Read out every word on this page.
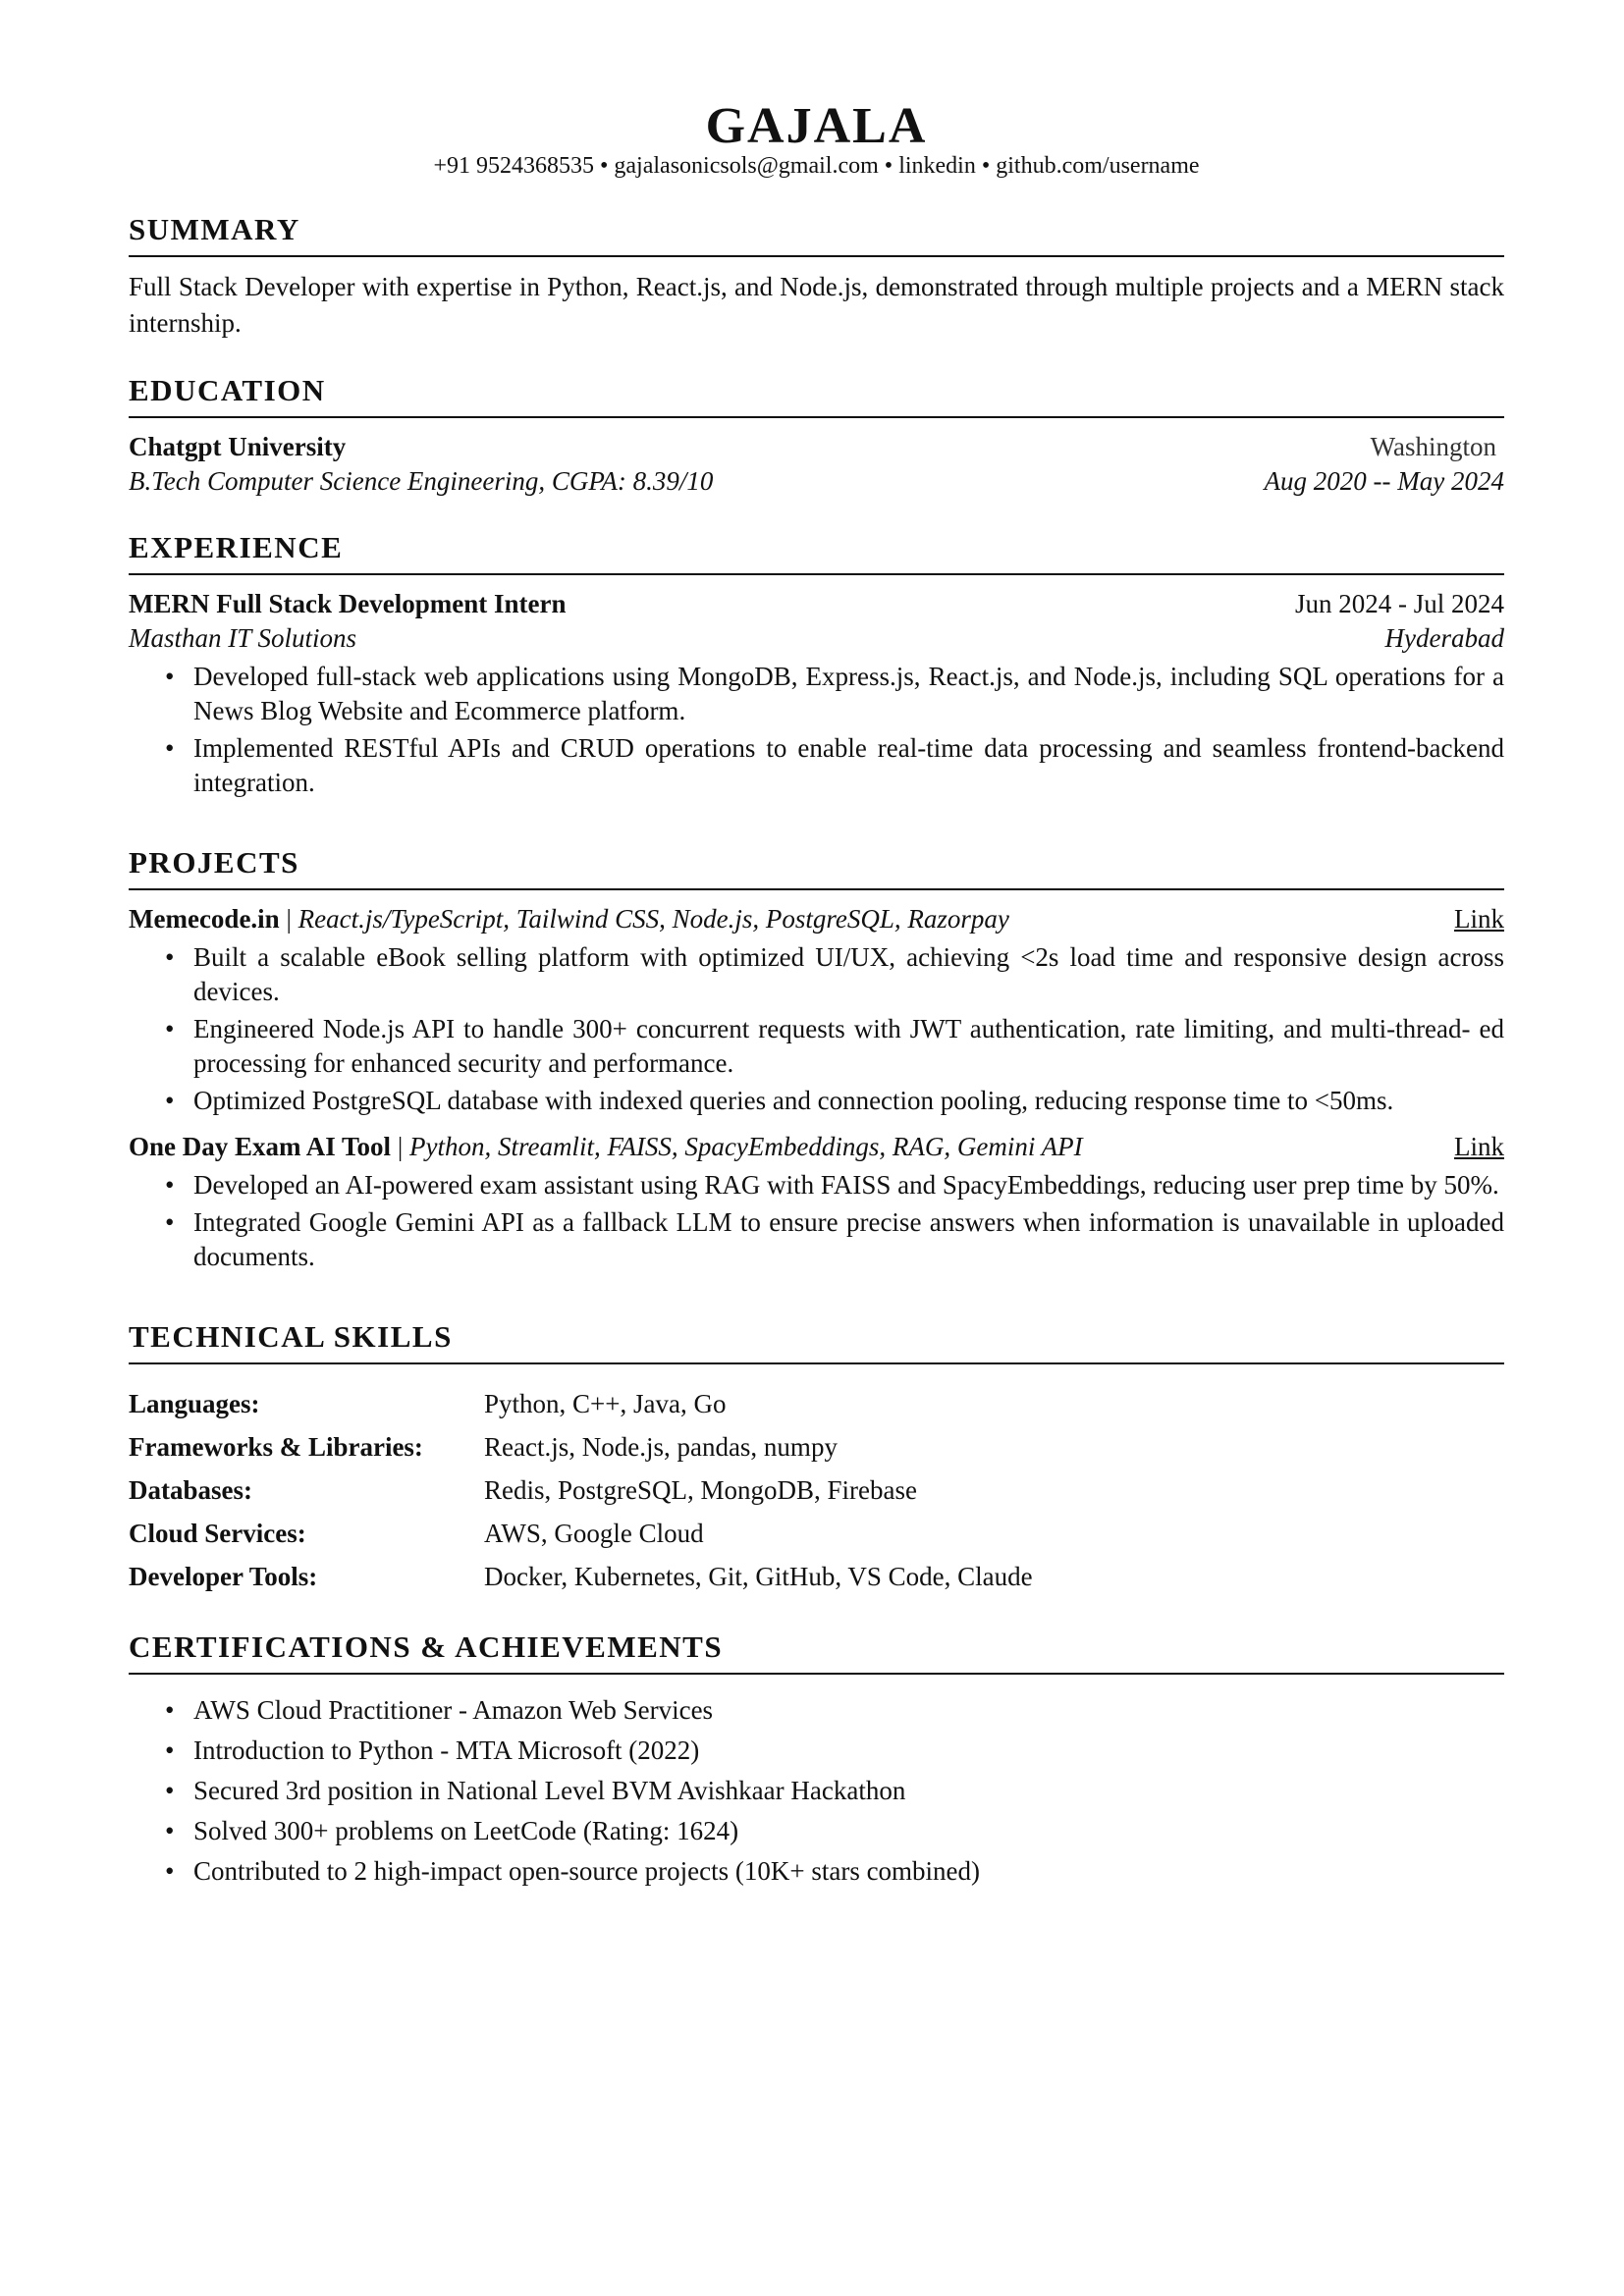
GAJALA
+91 9524368535 • gajalasonicsols@gmail.com • linkedin • github.com/username
SUMMARY
Full Stack Developer with expertise in Python, React.js, and Node.js, demonstrated through multiple projects and a MERN stack internship.
EDUCATION
Chatgpt University	Washington
B.Tech Computer Science Engineering, CGPA: 8.39/10	Aug 2020 -- May 2024
EXPERIENCE
MERN Full Stack Development Intern	Jun 2024 - Jul 2024
Masthan IT Solutions	Hyderabad
• Developed full-stack web applications using MongoDB, Express.js, React.js, and Node.js, including SQL operations for a News Blog Website and Ecommerce platform.
• Implemented RESTful APIs and CRUD operations to enable real-time data processing and seamless frontend-backend integration.
PROJECTS
Memecode.in | React.js/TypeScript, Tailwind CSS, Node.js, PostgreSQL, Razorpay	Link
• Built a scalable eBook selling platform with optimized UI/UX, achieving <2s load time and responsive design across devices.
• Engineered Node.js API to handle 300+ concurrent requests with JWT authentication, rate limiting, and multi-thread- ed processing for enhanced security and performance.
• Optimized PostgreSQL database with indexed queries and connection pooling, reducing response time to <50ms.
One Day Exam AI Tool | Python, Streamlit, FAISS, SpacyEmbeddings, RAG, Gemini API	Link
• Developed an AI-powered exam assistant using RAG with FAISS and SpacyEmbeddings, reducing user prep time by 50%.
• Integrated Google Gemini API as a fallback LLM to ensure precise answers when information is unavailable in uploaded documents.
TECHNICAL SKILLS
Languages:	Python, C++, Java, Go
Frameworks & Libraries:	React.js, Node.js, pandas, numpy
Databases:	Redis, PostgreSQL, MongoDB, Firebase
Cloud Services:	AWS, Google Cloud
Developer Tools:	Docker, Kubernetes, Git, GitHub, VS Code, Claude
CERTIFICATIONS & ACHIEVEMENTS
• AWS Cloud Practitioner - Amazon Web Services
• Introduction to Python - MTA Microsoft (2022)
• Secured 3rd position in National Level BVM Avishkaar Hackathon
• Solved 300+ problems on LeetCode (Rating: 1624)
• Contributed to 2 high-impact open-source projects (10K+ stars combined)
